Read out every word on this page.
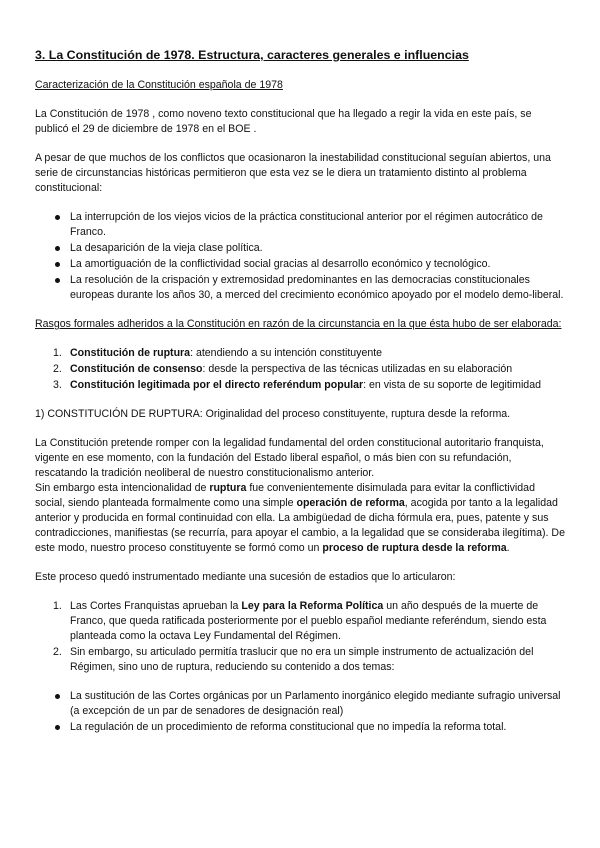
3. La Constitución de 1978. Estructura, caracteres generales e influencias
Caracterización de la Constitución española de 1978

La Constitución de 1978 , como noveno texto constitucional que ha llegado a regir la vida en este país, se publicó el 29 de diciembre de 1978 en el BOE .

A pesar de que muchos de los conflictos que ocasionaron la inestabilidad constitucional seguían abiertos, una serie de circunstancias históricas permitieron que esta vez se le diera un tratamiento distinto al problema constitucional:

La interrupción de los viejos vicios de la práctica constitucional anterior por el régimen autocrático de Franco.
La desaparición de la vieja clase política.
La amortiguación de la conflictividad social gracias al desarrollo económico y tecnológico.
La resolución de la crispación y extremosidad predominantes en las democracias constitucionales europeas durante los años 30, a merced del crecimiento económico apoyado por el modelo demo-liberal.
Rasgos formales adheridos a la Constitución en razón de la circunstancia en la que ésta hubo de ser elaborada:
1. Constitución de ruptura: atendiendo a su intención constituyente
2. Constitución de consenso: desde la perspectiva de las técnicas utilizadas en su elaboración
3. Constitución legitimada por el directo referéndum popular: en vista de su soporte de legitimidad

1) CONSTITUCIÓN DE RUPTURA: Originalidad del proceso constituyente, ruptura desde la reforma.

La Constitución pretende romper con la legalidad fundamental del orden constitucional autoritario franquista, vigente en ese momento, con la fundación del Estado liberal español, o más bien con su refundación, rescatando la tradición neoliberal de nuestro constitucionalismo anterior.

Sin embargo esta intencionalidad de ruptura fue convenientemente disimulada para evitar la conflictividad social, siendo planteada formalmente como una simple operación de reforma, acogida por tanto a la legalidad anterior y producida en formal continuidad con ella. La ambigüedad de dicha fórmula era, pues, patente y sus contradicciones, manifiestas (se recurría, para apoyar el cambio, a la legalidad que se consideraba ilegítima). De este modo, nuestro proceso constituyente se formó como un proceso de ruptura desde la reforma.

Este proceso quedó instrumentado mediante una sucesión de estadios que lo articularon:

1. Las Cortes Franquistas aprueban la Ley para la Reforma Política un año después de la muerte de Franco, que queda ratificada posteriormente por el pueblo español mediante referéndum, siendo esta planteada como la octava Ley Fundamental del Régimen.
2. Sin embargo, su articulado permitía traslucir que no era un simple instrumento de actualización del Régimen, sino uno de ruptura, reduciendo su contenido a dos temas:
La sustitución de las Cortes orgánicas por un Parlamento inorgánico elegido mediante sufragio universal (a excepción de un par de senadores de designación real)
La regulación de un procedimiento de reforma constitucional que no impedía la reforma total.
